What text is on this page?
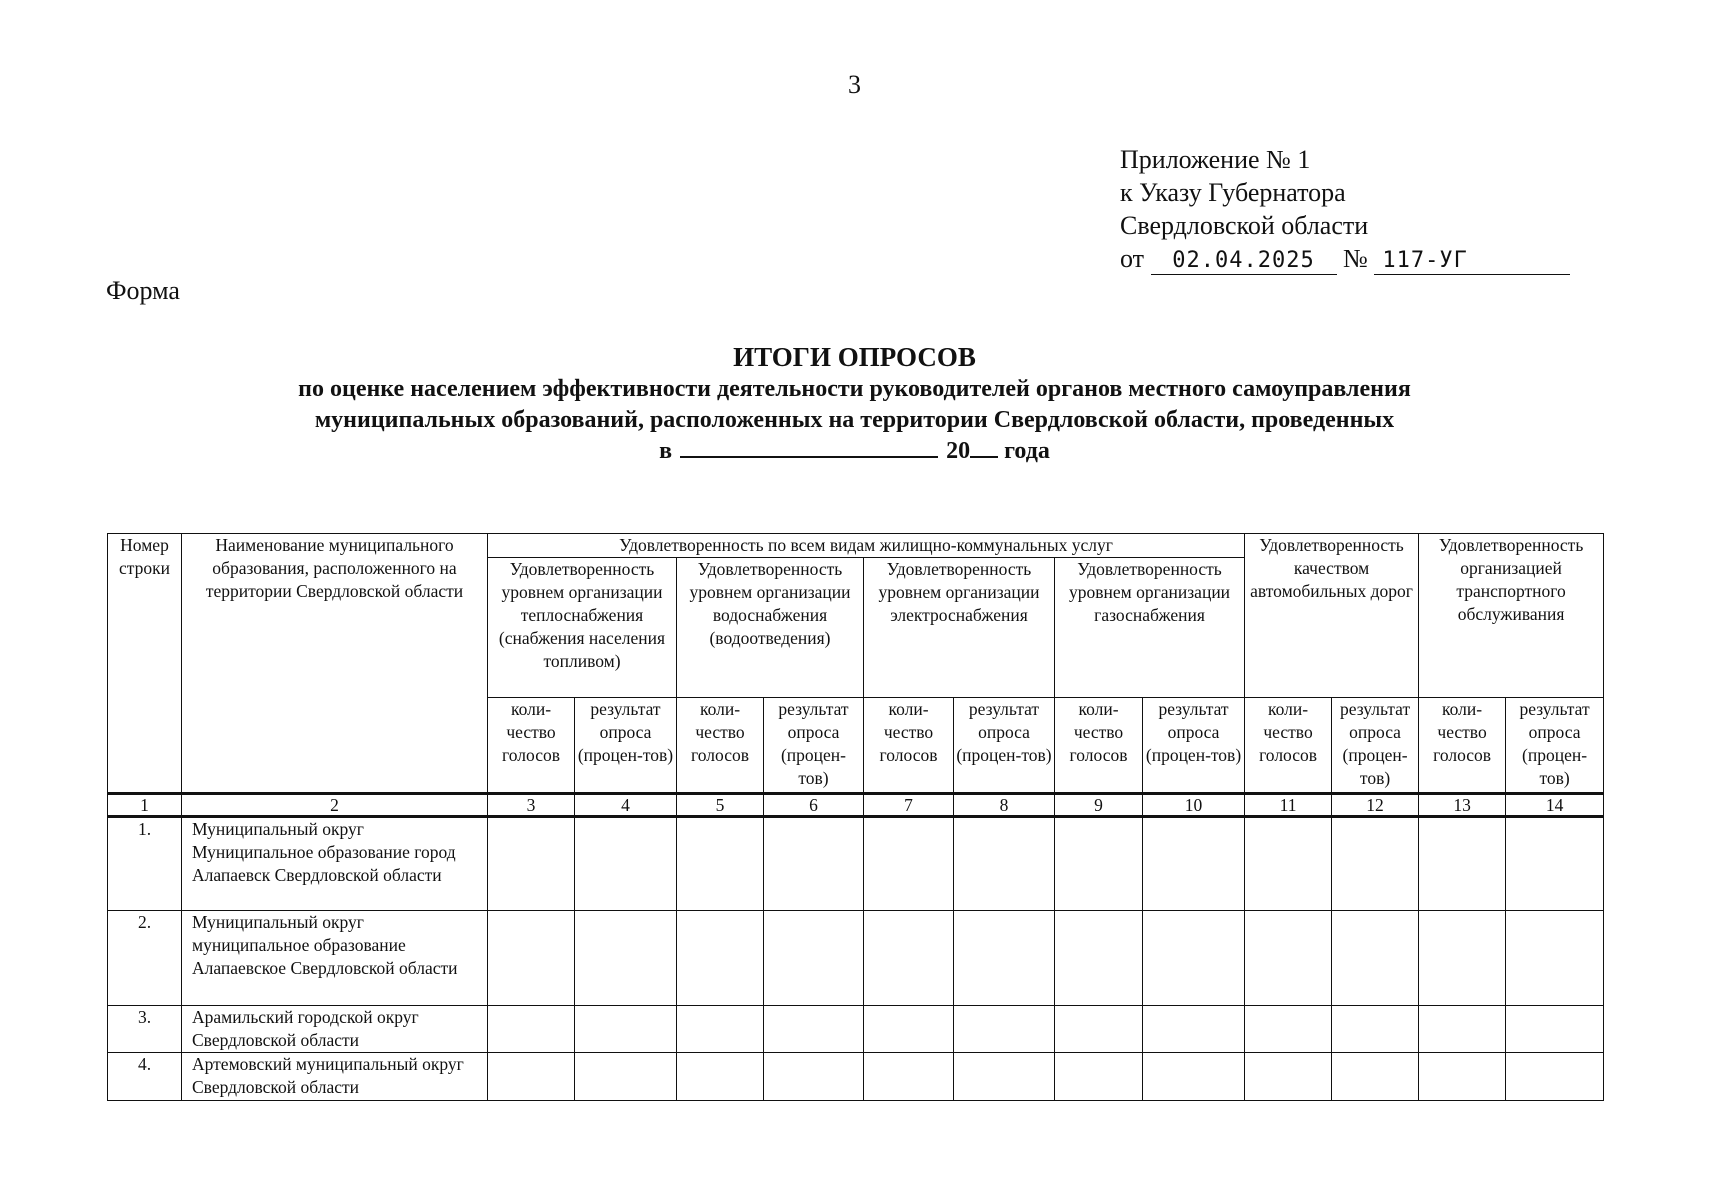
3
Приложение № 1
к Указу Губернатора
Свердловской области
от 02.04.2025 № 117-УГ
Форма
ИТОГИ ОПРОСОВ
по оценке населением эффективности деятельности руководителей органов местного самоуправления
муниципальных образований, расположенных на территории Свердловской области, проведенных
в	20 года
Номер строки	Наименование муниципального образования, расположенного на территории Свердловской области	Удовлетворенность по всем видам жилищно-коммунальных услуг								Удовлетворенность качеством автомобильных дорог		Удовлетворенность организацией транспортного обслуживания	
		Удовлетворенность уровнем организации теплоснабжения (снабжения населения топливом)		Удовлетворенность уровнем организации водоснабжения (водоотведения)		Удовлетворенность уровнем организации электроснабжения		Удовлетворенность уровнем организации газоснабжения					
		коли-чество голосов	результат опроса (процен-тов)	коли-чество голосов	результат опроса (процен-тов)	коли-чество голосов	результат опроса (процен-тов)	коли-чество голосов	результат опроса (процен-тов)	коли-чество голосов	результат опроса (процен-тов)	коли-чество голосов	результат опроса (процен-тов)
1	2	3	4	5	6	7	8	9	10	11	12	13	14
1.	Муниципальный округ Муниципальное образование город Алапаевск Свердловской области												
2.	Муниципальный округ муниципальное образование Алапаевское Свердловской области												
3.	Арамильский городской округ Свердловской области												
4.	Артемовский муниципальный округ Свердловской области												
